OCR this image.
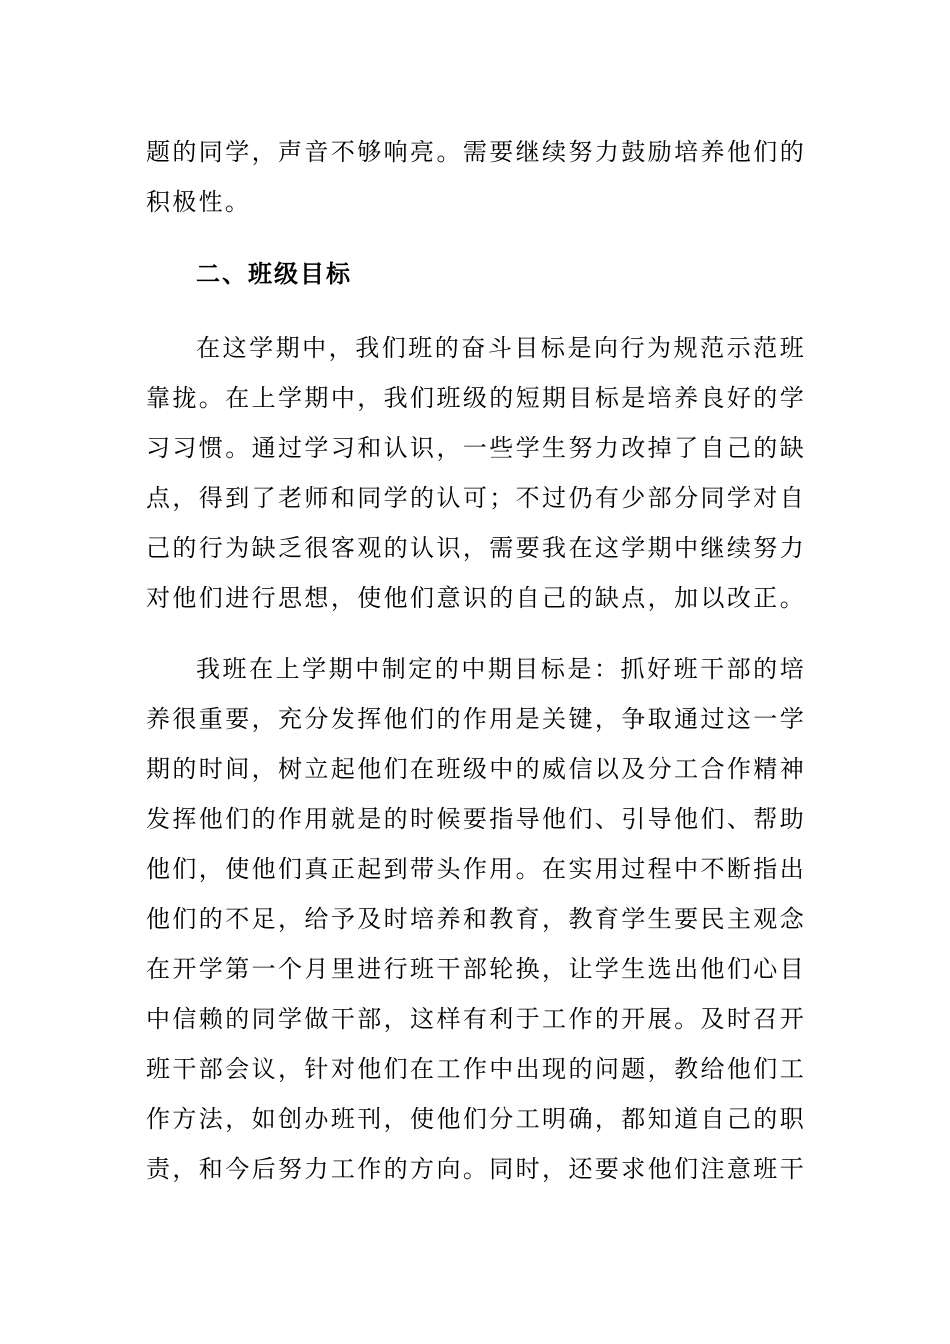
题的同学，声音不够响亮。需要继续努力鼓励培养他们的
积极性。
二、班级目标
在这学期中，我们班的奋斗目标是向行为规范示范班
靠拢。在上学期中，我们班级的短期目标是培养良好的学
习习惯。通过学习和认识，一些学生努力改掉了自己的缺
点，得到了老师和同学的认可；不过仍有少部分同学对自
己的行为缺乏很客观的认识，需要我在这学期中继续努力
对他们进行思想，使他们意识的自己的缺点，加以改正。
我班在上学期中制定的中期目标是：抓好班干部的培
养很重要，充分发挥他们的作用是关键，争取通过这一学
期的时间，树立起他们在班级中的威信以及分工合作精神
发挥他们的作用就是的时候要指导他们、引导他们、帮助
他们，使他们真正起到带头作用。在实用过程中不断指出
他们的不足，给予及时培养和教育，教育学生要民主观念
在开学第一个月里进行班干部轮换，让学生选出他们心目
中信赖的同学做干部，这样有利于工作的开展。及时召开
班干部会议，针对他们在工作中出现的问题，教给他们工
作方法，如创办班刊，使他们分工明确，都知道自己的职
责，和今后努力工作的方向。同时，还要求他们注意班干
